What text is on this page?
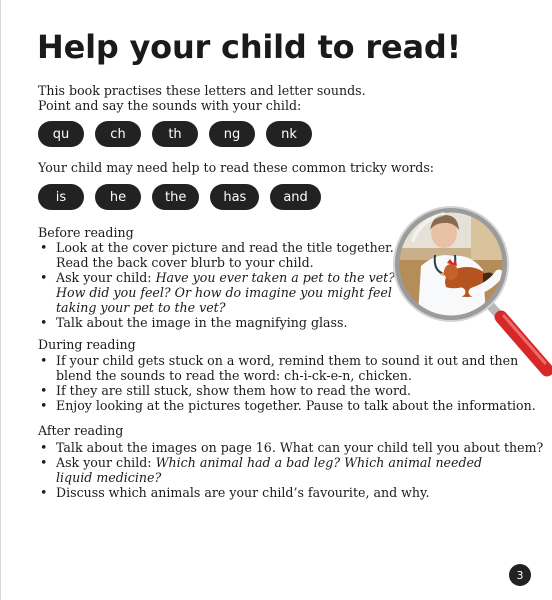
Help your child to read!
This book practises these letters and letter sounds.
Point and say the sounds with your child:
qu	ch	th	ng	nk
Your child may need help to read these common tricky words:
is	he	the	has	and
Before reading
• Look at the cover picture and read the title together.
Read the back cover blurb to your child.
• Ask your child: Have you ever taken a pet to the vet?
How did you feel? Or how do imagine you might feel
taking your pet to the vet?
• Talk about the image in the magnifying glass.
During reading
• If your child gets stuck on a word, remind them to sound it out and then
blend the sounds to read the word: ch-i-ck-e-n, chicken.
• If they are still stuck, show them how to read the word.
• Enjoy looking at the pictures together. Pause to talk about the information.
After reading
• Talk about the images on page 16. What can your child tell you about them?
• Ask your child: Which animal had a bad leg? Which animal needed
liquid medicine?
• Discuss which animals are your child’s favourite, and why.
3
